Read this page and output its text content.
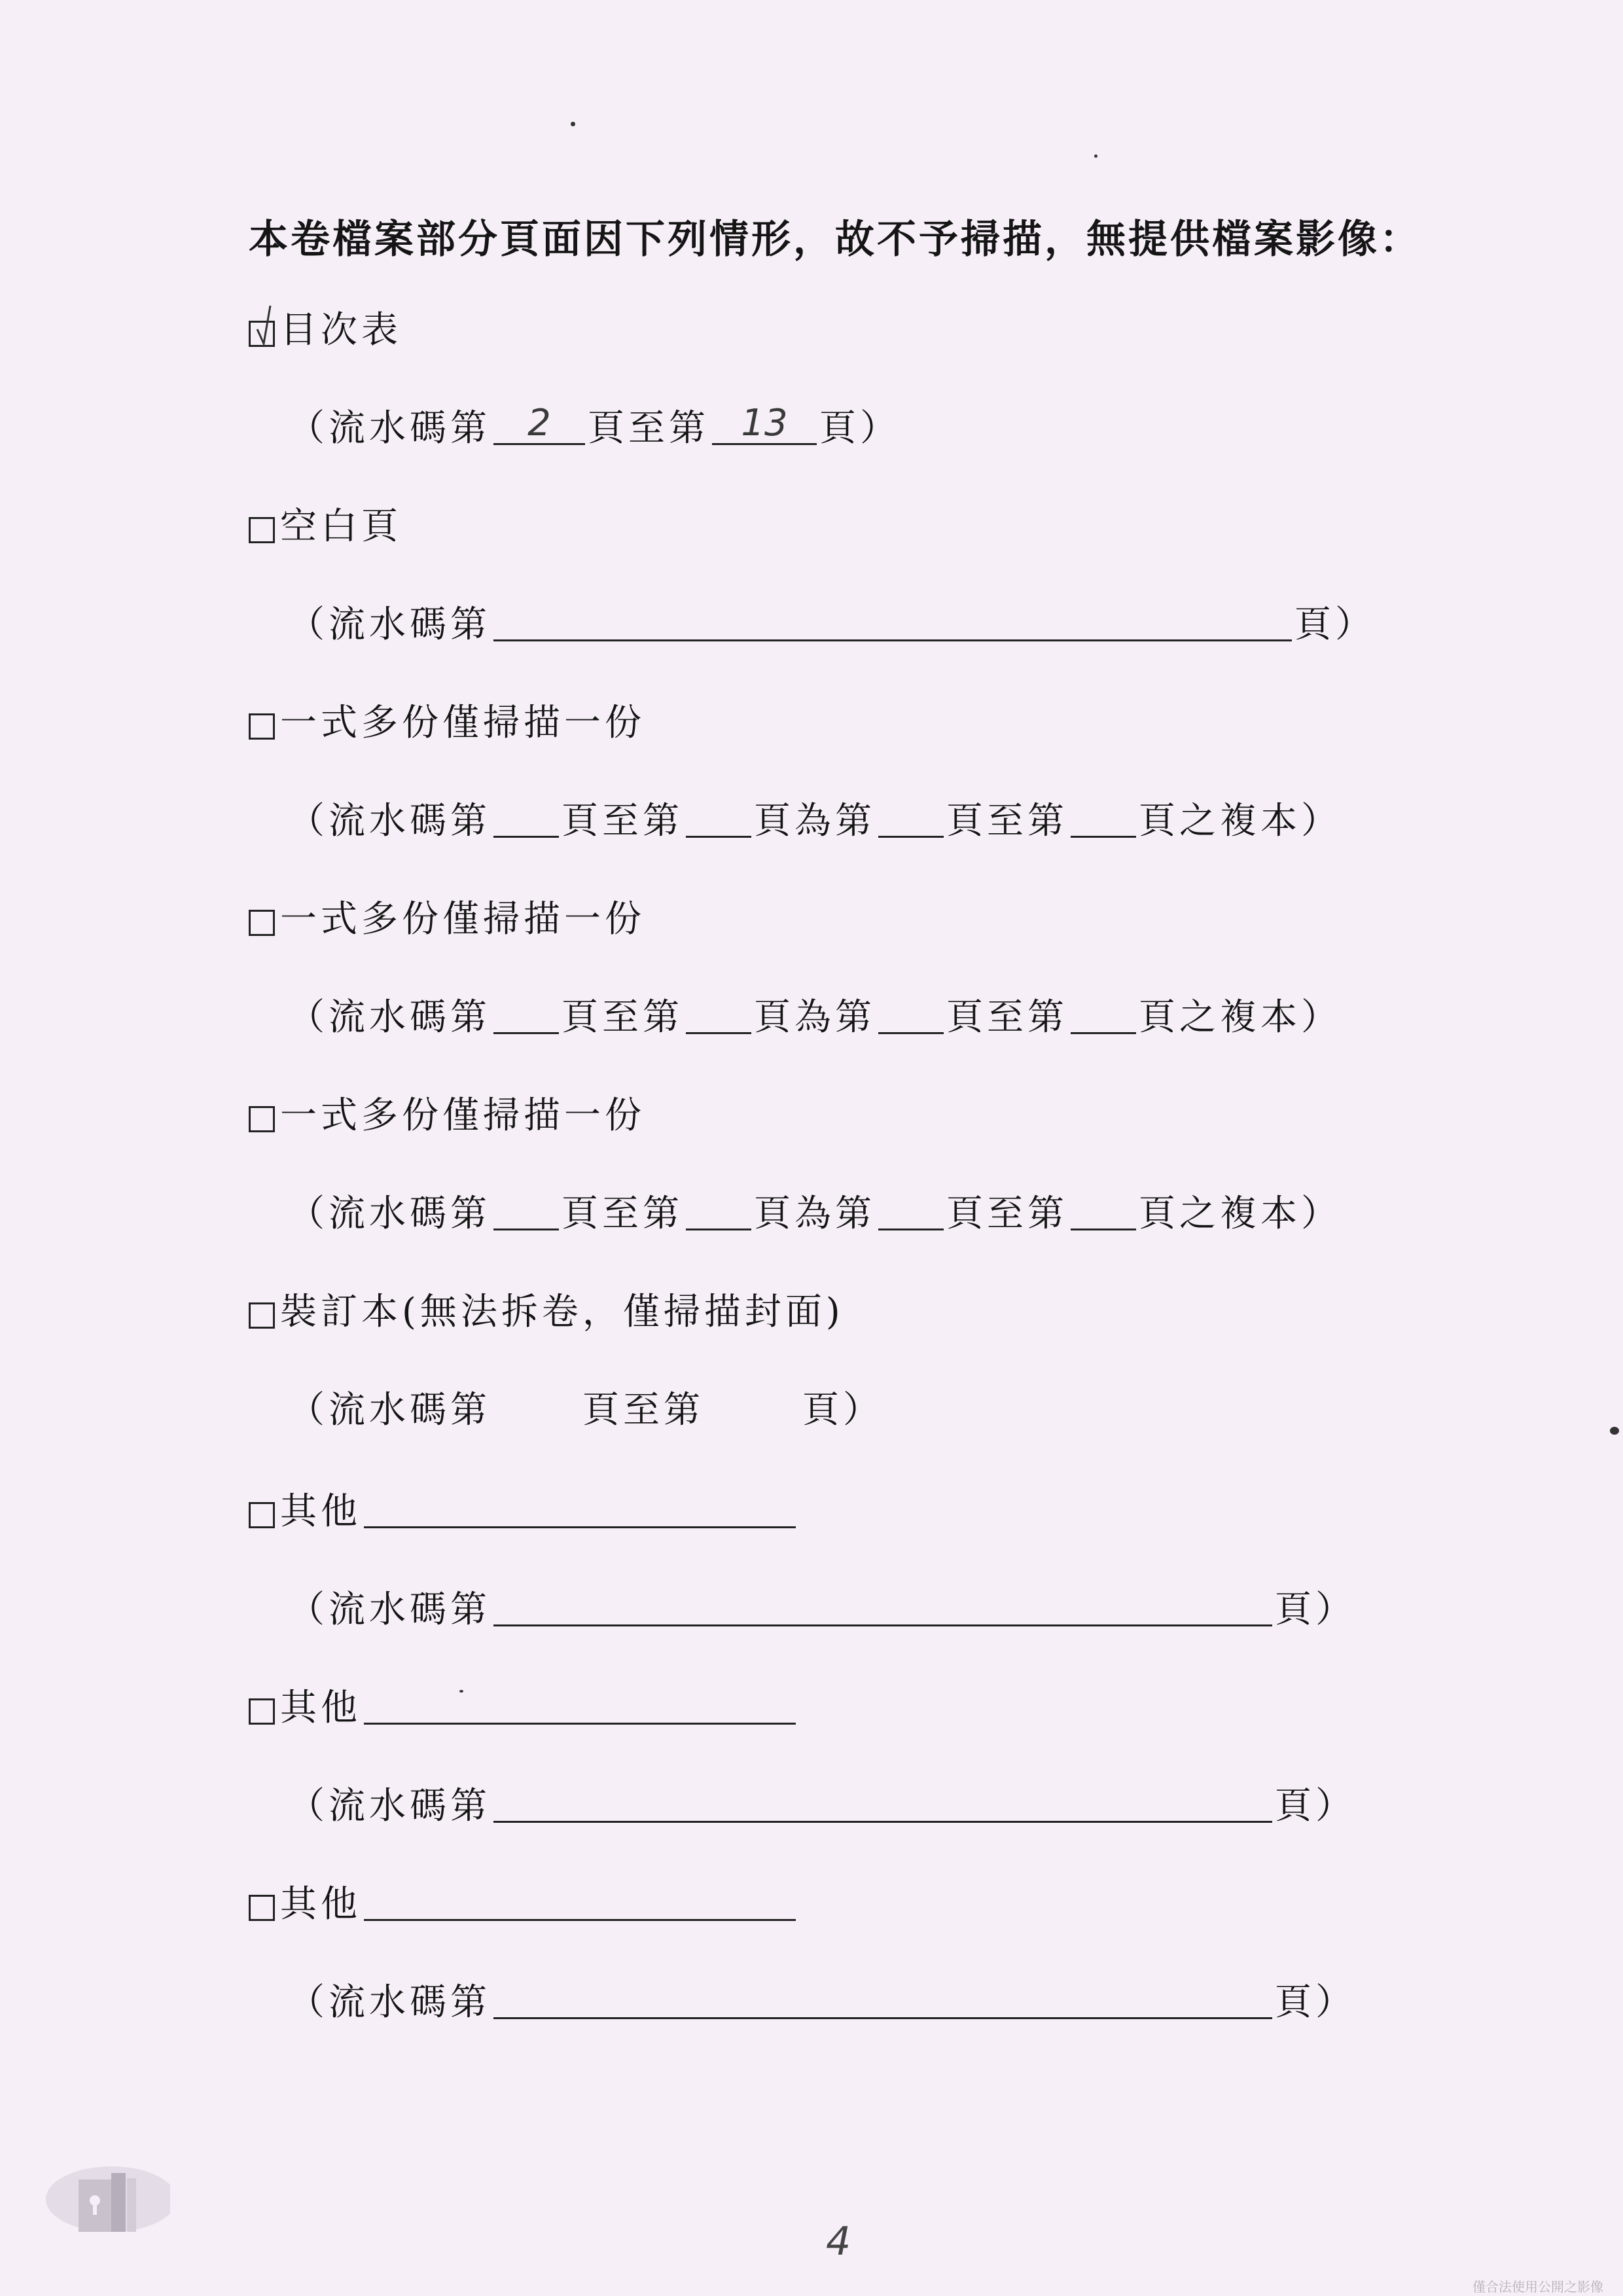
本卷檔案部分頁面因下列情形，故不予掃描，無提供檔案影像：
目次表
（流水碼第	2	頁至第 13 頁）
空白頁
（流水碼第	頁）
一式多份僅掃描一份
（流水碼第 頁至第 頁為第 頁至第 頁之複本）
一式多份僅掃描一份
（流水碼第 頁至第 頁為第 頁至第 頁之複本）
一式多份僅掃描一份
（流水碼第 頁至第 頁為第 頁至第 頁之複本）
裝訂本(無法拆卷，僅掃描封面)
（流水碼第	頁至第	頁）
其他
（流水碼第	頁）
其他
（流水碼第	頁）
其他
（流水碼第	頁）
4
僅合法使用公開之影像
